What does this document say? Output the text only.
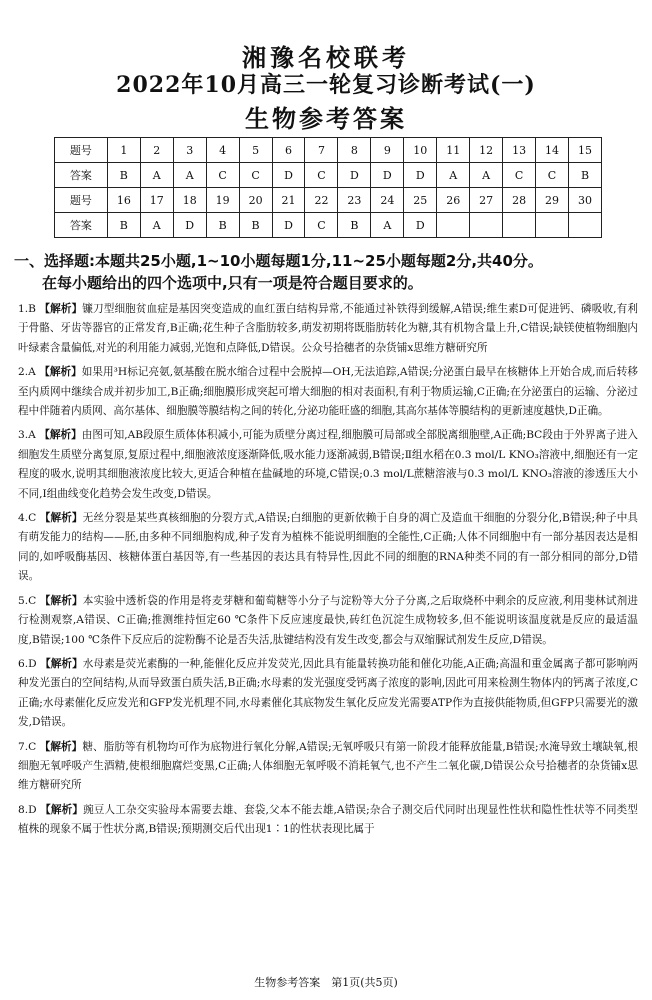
湘豫名校联考
2022年10月高三一轮复习诊断考试(一)
生物参考答案
题号	1	2	3	4	5	6	7	8	9	10	11	12	13	14	15
答案	B	A	A	C	C	D	C	D	D	D	A	A	C	C	B
题号	16	17	18	19	20	21	22	23	24	25	26	27	28	29	30
答案	B	A	D	B	B	D	C	B	A	D					
一、选择题:本题共25小题,1~10小题每题1分,11~25小题每题2分,共40分。
在每小题给出的四个选项中,只有一项是符合题目要求的。
1.B 【解析】镰刀型细胞贫血症是基因突变造成的血红蛋白结构异常,不能通过补铁得到缓解,A错误;维生素D可促进钙、磷吸收,有利于骨骼、牙齿等器官的正常发育,B正确;花生种子含脂肪较多,萌发初期将既脂肪转化为糖,其有机物含量上升,C错误;缺镁使植物细胞内叶绿素含量偏低,对光的利用能力减弱,光饱和点降低,D错误。公众号拾穗者的杂货铺x思维方糖研究所
2.A 【解析】如果用³H标记亮氨,氨基酸在脱水缩合过程中会脱掉—OH,无法追踪,A错误;分泌蛋白最早在核糖体上开始合成,而后转移至内质网中继续合成并初步加工,B正确;细胞膜形成突起可增大细胞的相对表面积,有利于物质运输,C正确;在分泌蛋白的运输、分泌过程中伴随着内质网、高尔基体、细胞膜等膜结构之间的转化,分泌功能旺盛的细胞,其高尔基体等膜结构的更新速度越快,D正确。
3.A 【解析】由图可知,AB段原生质体体积减小,可能为质壁分离过程,细胞膜可局部或全部脱离细胞壁,A正确;BC段由于外界离子进入细胞发生质壁分离复原,复原过程中,细胞液浓度逐渐降低,吸水能力逐渐减弱,B错误;Ⅱ组水稻在0.3 mol/L KNO₃溶液中,细胞还有一定程度的吸水,说明其细胞液浓度比较大,更适合种植在盐碱地的环境,C错误;0.3 mol/L蔗糖溶液与0.3 mol/L KNO₃溶液的渗透压大小不同,Ⅰ组曲线变化趋势会发生改变,D错误。
4.C 【解析】无丝分裂是某些真核细胞的分裂方式,A错误;白细胞的更新依赖于自身的凋亡及造血干细胞的分裂分化,B错误;种子中具有萌发能力的结构——胚,由多种不同细胞构成,种子发育为植株不能说明细胞的全能性,C正确;人体不同细胞中有一部分基因表达是相同的,如呼吸酶基因、核糖体蛋白基因等,有一些基因的表达具有特异性,因此不同的细胞的RNA种类不同的有一部分相同的部分,D错误。
5.C 【解析】本实验中透析袋的作用是将麦芽糖和葡萄糖等小分子与淀粉等大分子分离,之后取烧杯中剩余的反应液,利用斐林试剂进行检测观察,A错误、C正确;推测维持恒定60 ℃条件下反应速度最快,砖红色沉淀生成物较多,但不能说明该温度就是反应的最适温度,B错误;100 ℃条件下反应后的淀粉酶不论是否失活,肽键结构没有发生改变,都会与双缩脲试剂发生反应,D错误。
6.D 【解析】水母素是荧光素酶的一种,能催化反应并发荧光,因此具有能量转换功能和催化功能,A正确;高温和重金属离子都可影响两种发光蛋白的空间结构,从而导致蛋白质失活,B正确;水母素的发光强度受钙离子浓度的影响,因此可用来检测生物体内的钙离子浓度,C正确;水母素催化反应发光和GFP发光机理不同,水母素催化其底物发生氧化反应发光需要ATP作为直接供能物质,但GFP只需要光的激发,D错误。
7.C 【解析】糖、脂肪等有机物均可作为底物进行氧化分解,A错误;无氧呼吸只有第一阶段才能释放能量,B错误;水淹导致土壤缺氧,根细胞无氧呼吸产生酒精,使根细胞腐烂变黑,C正确;人体细胞无氧呼吸不消耗氧气,也不产生二氧化碳,D错误公众号拾穗者的杂货铺x思维方糖研究所
8.D 【解析】豌豆人工杂交实验母本需要去雄、套袋,父本不能去雄,A错误;杂合子测交后代同时出现显性性状和隐性性状等不同类型植株的现象不属于性状分离,B错误;预期测交后代出现1∶1的性状表现比属于
生物参考答案　第1页(共5页)
